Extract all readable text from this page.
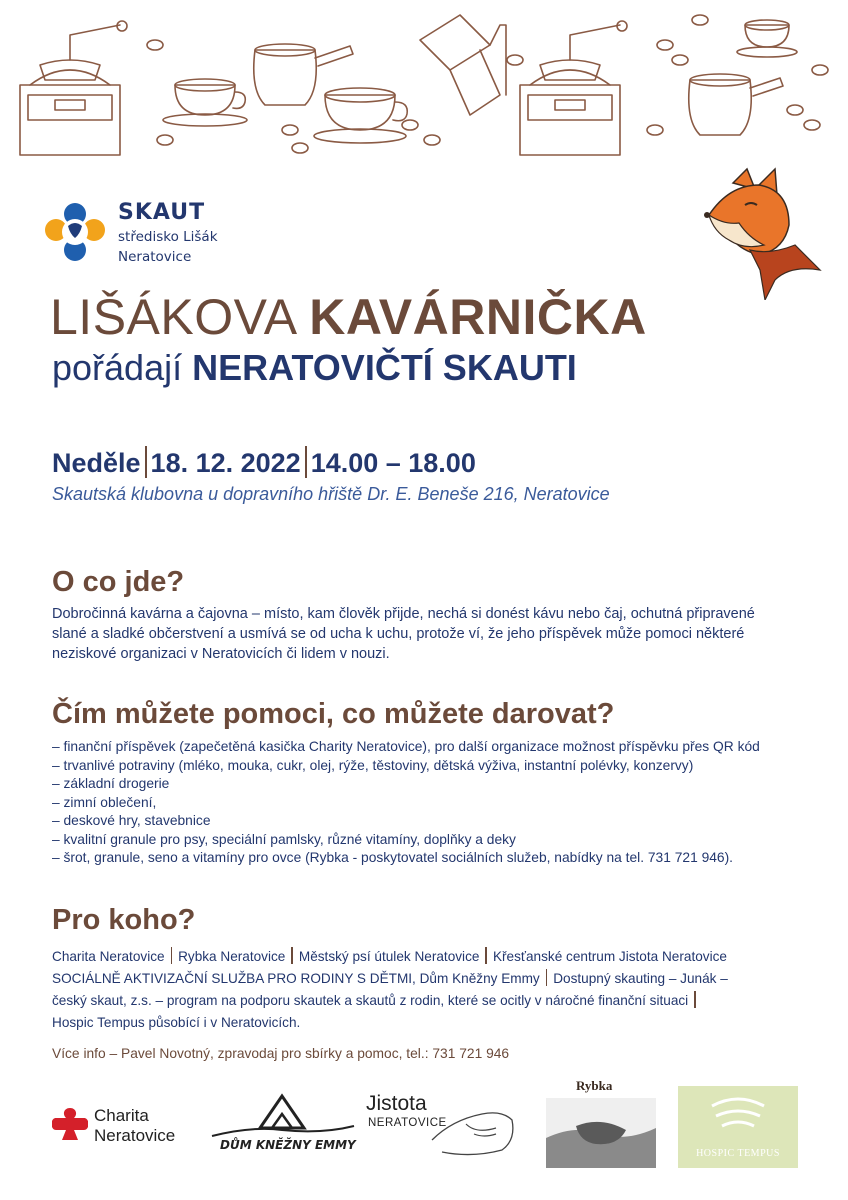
SKAUT
středisko Lišák
Neratovice
LIŠÁKOVA KAVÁRNIČKA
pořádají NERATOVIČTÍ SKAUTI
Neděle 18. 12. 2022 14.00 – 18.00
Skautská klubovna u dopravního hřiště Dr. E. Beneše 216, Neratovice
O co jde?
Dobročinná kavárna a čajovna – místo, kam člověk přijde, nechá si donést kávu nebo čaj, ochutná připravené slané a sladké občerstvení a usmívá se od ucha k uchu, protože ví, že jeho příspěvek může pomoci některé neziskové organizaci v Neratovicích či lidem v nouzi.
Čím můžete pomoci, co můžete darovat?
– finanční příspěvek (zapečetěná kasička Charity Neratovice), pro další organizace možnost příspěvku přes QR kód
– trvanlivé potraviny (mléko, mouka, cukr, olej, rýže, těstoviny, dětská výživa, instantní polévky, konzervy)
– základní drogerie
– zimní oblečení,
– deskové hry, stavebnice
– kvalitní granule pro psy, speciální pamlsky, různé vitamíny, doplňky a deky
– šrot, granule, seno a vitamíny pro ovce (Rybka - poskytovatel sociálních služeb, nabídky na tel. 731 721 946).
Pro koho?
Charita Neratovice Rybka Neratovice Městský psí útulek Neratovice Křesťanské centrum Jistota Neratovice
SOCIÁLNĚ AKTIVIZAČNÍ SLUŽBA PRO RODINY S DĚTMI, Dům Kněžny Emmy Dostupný skauting – Junák –
český skaut, z.s. – program na podporu skautek a skautů z rodin, které se ocitly v náročné finanční situaci
Hospic Tempus působící i v Neratovicích.
Více info – Pavel Novotný, zpravodaj pro sbírky a pomoc, tel.: 731 721 946
Charita
Neratovice	DŮM KNĚŽNY EMMY
Jistota
NERATOVICE
Rybka
HOSPIC TEMPUS
